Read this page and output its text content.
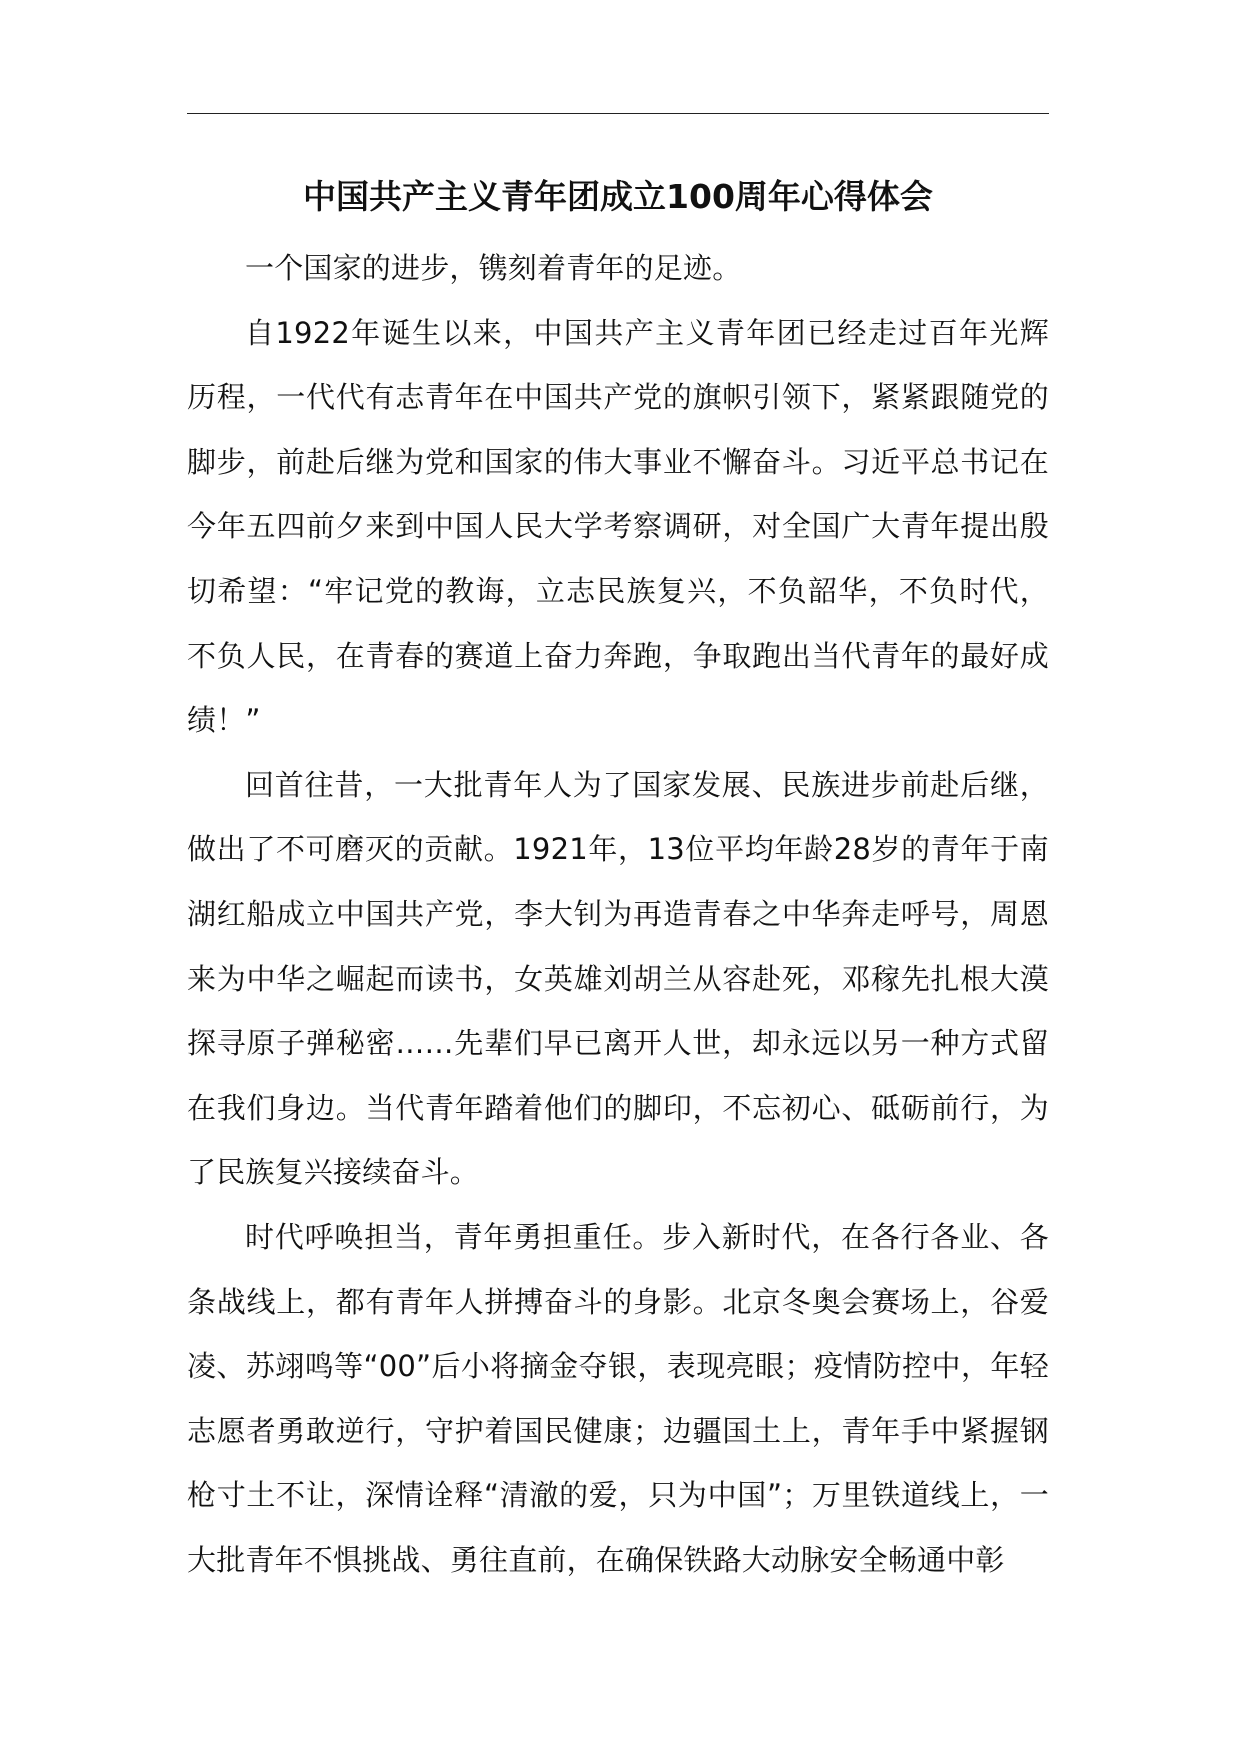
中国共产主义青年团成立100周年心得体会

一个国家的进步，镌刻着青年的足迹。

自1922年诞生以来，中国共产主义青年团已经走过百年光辉历程，一代代有志青年在中国共产党的旗帜引领下，紧紧跟随党的脚步，前赴后继为党和国家的伟大事业不懈奋斗。习近平总书记在今年五四前夕来到中国人民大学考察调研，对全国广大青年提出殷切希望：“牢记党的教诲，立志民族复兴，不负韶华，不负时代，不负人民，在青春的赛道上奋力奔跑，争取跑出当代青年的最好成绩！”

回首往昔，一大批青年人为了国家发展、民族进步前赴后继，做出了不可磨灭的贡献。1921年，13位平均年龄28岁的青年于南湖红船成立中国共产党，李大钊为再造青春之中华奔走呼号，周恩来为中华之崛起而读书，女英雄刘胡兰从容赴死，邓稼先扎根大漠探寻原子弹秘密……先辈们早已离开人世，却永远以另一种方式留在我们身边。当代青年踏着他们的脚印，不忘初心、砥砺前行，为了民族复兴接续奋斗。

时代呼唤担当，青年勇担重任。步入新时代，在各行各业、各条战线上，都有青年人拼搏奋斗的身影。北京冬奥会赛场上，谷爱凌、苏翊鸣等“00”后小将摘金夺银，表现亮眼；疫情防控中，年轻志愿者勇敢逆行，守护着国民健康；边疆国土上，青年手中紧握钢枪寸土不让，深情诠释“清澈的爱，只为中国”；万里铁道线上，一大批青年不惧挑战、勇往直前，在确保铁路大动脉安全畅通中彰
